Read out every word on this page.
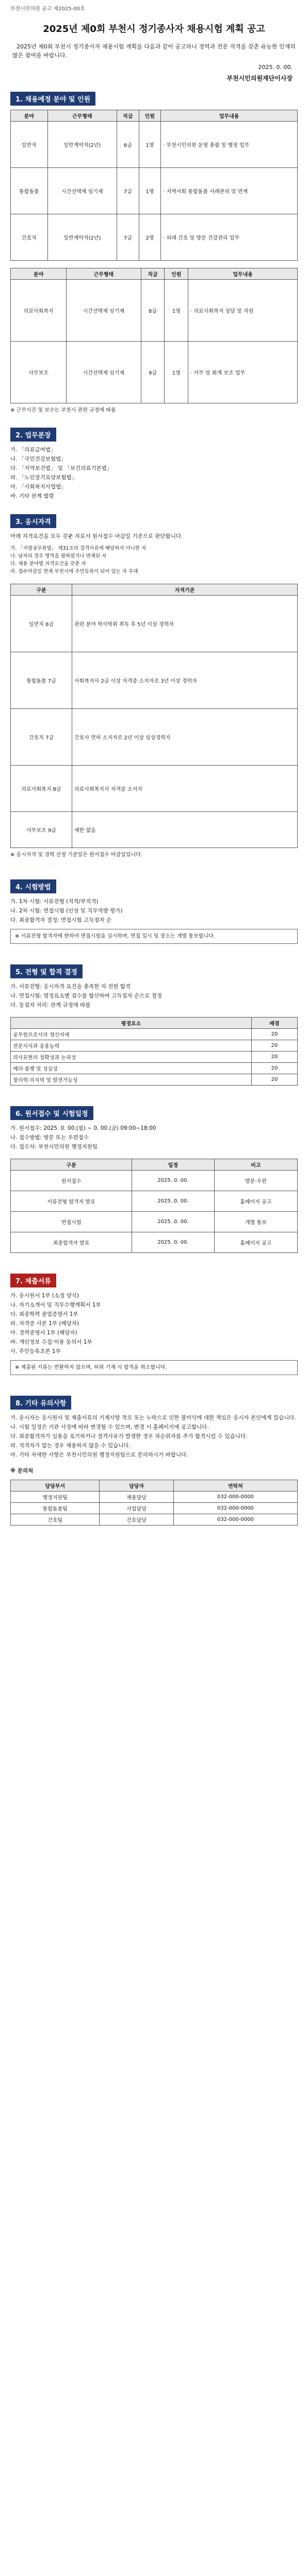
부천시민의원 공고 제2025-00호
2025년 제0회 부천시 정기종사자 채용시험 계획 공고
2025년 제0회 부천시 정기종사자 채용시험 계획을 다음과 같이 공고하니 경력과 전문 자격을 갖춘 유능한 인재의 많은 참여를 바랍니다.
2025. 0. 00.
부천시민의원재단이사장
1. 채용예정 분야 및 인원
분야	근무형태	직급	인원	업무내용
일반직	일반계약직(2년)	6급	1명	· 부천시민의원 운영 총괄 및 행정 업무
통합돌봄	시간선택제 임기제	7급	1명	· 지역사회 통합돌봄 사례관리 및 연계
간호직	일반계약직(2년)	7급	2명	· 외래 간호 및 방문 건강관리 업무
분야	근무형태	직급	인원	업무내용
의료사회복지	시간선택제 임기제	8급	1명	· 의료사회복지 상담 및 지원
사무보조	시간선택제 임기제	9급	1명	· 서무 및 회계 보조 업무
※ 근무시간 및 보수는 부천시 관련 규정에 따름
2. 업무분장
가. 「의료급여법」
나. 「국민건강보험법」
다. 「지역보건법」 및 「보건의료기본법」
라. 「노인장기요양보험법」
마. 「사회복지사업법」
바. 기타 관계 법령
3. 응시자격
아래 자격요건을 모두 갖춘 자로서 원서접수 마감일 기준으로 판단합니다.
가. 「지방공무원법」 제31조의 결격사유에 해당하지 아니한 자
나. 남자의 경우 병역을 필하였거나 면제된 자
다. 채용 분야별 자격요건을 갖춘 자
라. 접수마감일 현재 부천시에 주민등록이 되어 있는 자 우대
구분	자격기준
일반직 6급	관련 분야 학사학위 취득 후 5년 이상 경력자
통합돌봄 7급	사회복지사 2급 이상 자격증 소지자로 3년 이상 경력자
간호직 7급	간호사 면허 소지자로 2년 이상 임상경력자
의료사회복지 8급	의료사회복지사 자격증 소지자
사무보조 9급	제한 없음
※ 응시자격 및 경력 산정 기준일은 원서접수 마감일입니다.
4. 시험방법
가. 1차 시험: 서류전형 (적격/부적격)
나. 2차 시험: 면접시험 (인성 및 직무역량 평가)
다. 최종합격자 결정: 면접시험 고득점자 순
※ 서류전형 합격자에 한하여 면접시험을 실시하며, 면접 일시 및 장소는 개별 통보합니다.
5. 전형 및 합격 결정
가. 서류전형: 응시자격 요건을 충족한 자 전원 합격
나. 면접시험: 평정요소별 점수를 합산하여 고득점자 순으로 결정
다. 동점자 처리: 관계 규정에 따름
평정요소	배점
공무원으로서의 정신자세	20
전문지식과 응용능력	20
의사표현의 정확성과 논리성	20
예의·품행 및 성실성	20
창의력·의지력 및 발전가능성	20
6. 원서접수 및 시험일정
가. 원서접수: 2025. 0. 00.(월) ~ 0. 00.(금) 09:00~18:00
나. 접수방법: 방문 또는 우편접수
다. 접수처: 부천시민의원 행정지원팀
구분	일정	비고
원서접수	2025. 0. 00.	방문·우편
서류전형 합격자 발표	2025. 0. 00.	홈페이지 공고
면접시험	2025. 0. 00.	개별 통보
최종합격자 발표	2025. 0. 00.	홈페이지 공고
7. 제출서류
가. 응시원서 1부 (소정 양식)
나. 자기소개서 및 직무수행계획서 1부
다. 최종학력 졸업증명서 1부
라. 자격증 사본 1부 (해당자)
마. 경력증명서 1부 (해당자)
바. 개인정보 수집·이용 동의서 1부
사. 주민등록초본 1부
※ 제출된 서류는 반환하지 않으며, 허위 기재 시 합격을 취소합니다.
8. 기타 유의사항
가. 응시자는 응시원서 및 제출서류의 기재사항 착오 또는 누락으로 인한 불이익에 대한 책임은 응시자 본인에게 있습니다.
나. 시험 일정은 기관 사정에 따라 변경될 수 있으며, 변경 시 홈페이지에 공고합니다.
다. 최종합격자가 임용을 포기하거나 결격사유가 발생한 경우 차순위자를 추가 합격시킬 수 있습니다.
라. 적격자가 없는 경우 채용하지 않을 수 있습니다.
마. 기타 자세한 사항은 부천시민의원 행정지원팀으로 문의하시기 바랍니다.
※ 문의처
담당부서	담당자	연락처
행정지원팀	채용담당	032-000-0000
통합돌봄팀	사업담당	032-000-0000
간호팀	간호담당	032-000-0000
